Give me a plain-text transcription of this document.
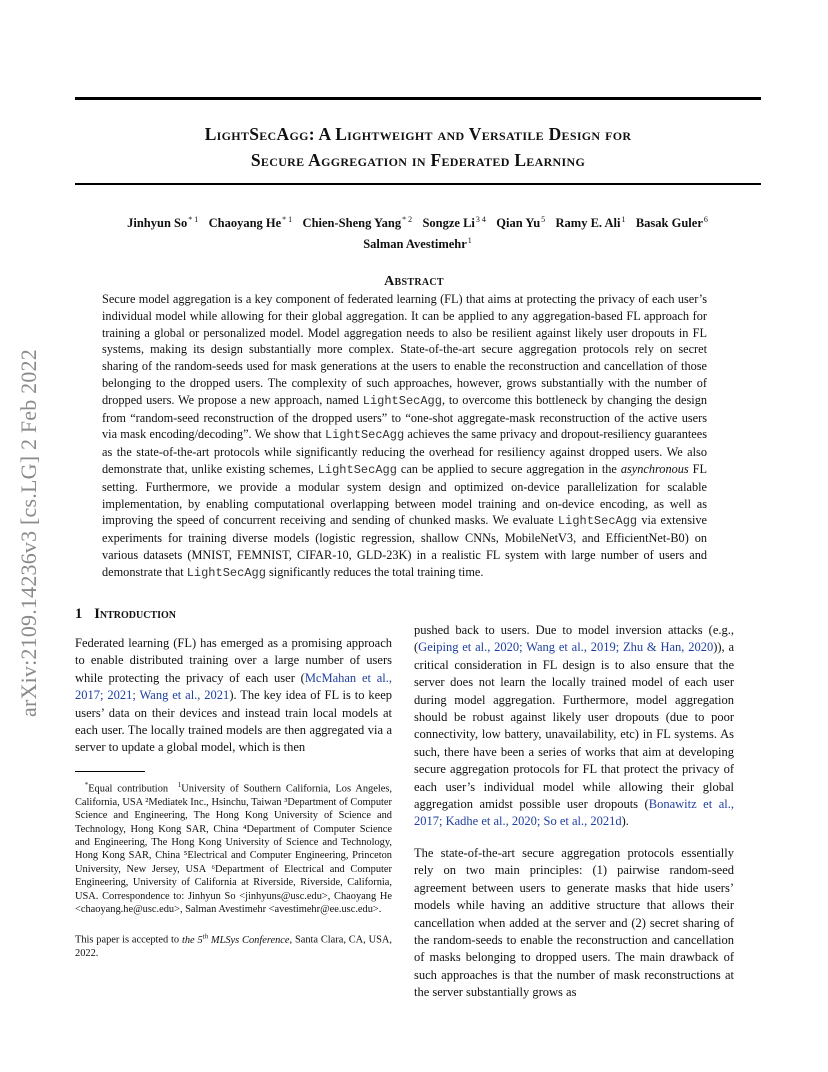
arXiv:2109.14236v3 [cs.LG] 2 Feb 2022
LightSecAgg: A Lightweight and Versatile Design for
Secure Aggregation in Federated Learning
Jinhyun So$^{* 1}$ Chaoyang He$^{* 1}$ Chien-Sheng Yang$^{* 2}$ Songze $Li^{3 4}$ Qian Yu$^5$ Ramy E. Ali$^1$ Basak Guler$^6$
Salman Avestimehr$^1$
Abstract
Secure model aggregation is a key component of federated learning (FL) that aims at protecting the privacy of each user’s individual model while allowing for their global aggregation. It can be applied to any aggregation-based FL approach for training a global or personalized model. Model aggregation needs to also be resilient against likely user dropouts in FL systems, making its design substantially more complex. State-of-the-art secure aggregation protocols rely on secret sharing of the random-seeds used for mask generations at the users to enable the reconstruction and cancellation of those belonging to the dropped users. The complexity of such approaches, however, grows substantially with the number of dropped users. We propose a new approach, named LightSecAgg, to overcome this bottleneck by changing the design from “random-seed reconstruction of the dropped users” to “one-shot aggregate-mask reconstruction of the active users via mask encoding/decoding”. We show that LightSecAgg achieves the same privacy and dropout-resiliency guarantees as the state-of-the-art protocols while significantly reducing the overhead for resiliency against dropped users. We also demonstrate that, unlike existing schemes, LightSecAgg can be applied to secure aggregation in the asynchronous FL setting. Furthermore, we provide a modular system design and optimized on-device parallelization for scalable implementation, by enabling computational overlapping between model training and on-device encoding, as well as improving the speed of concurrent receiving and sending of chunked masks. We evaluate LightSecAgg via extensive experiments for training diverse models (logistic regression, shallow CNNs, MobileNetV3, and EfficientNet-B0) on various datasets (MNIST, FEMNIST, CIFAR-10, GLD-23K) in a realistic FL system with large number of users and demonstrate that LightSecAgg significantly reduces the total training time.
1 Introduction

Federated learning (FL) has emerged as a promising approach to enable distributed training over a large number of users while protecting the privacy of each user (McMahan et al., 2017; 2021; Wang et al., 2021). The key idea of FL is to keep users’ data on their devices and instead train local models at each user. The locally trained models are then aggregated via a server to update a global model, which is then

*Equal contribution $^1$University of Southern California, Los Angeles, California, USA ²Mediatek Inc., Hsinchu, Taiwan ³Department of Computer Science and Engineering, The Hong Kong University of Science and Technology, Hong Kong SAR, China ⁴Department of Computer Science and Engineering, The Hong Kong University of Science and Technology, Hong Kong SAR, China ⁵Electrical and Computer Engineering, Princeton University, New Jersey, USA ⁶Department of Electrical and Computer Engineering, University of California at Riverside, Riverside, California, USA. Correspondence to: Jinhyun So <jinhyuns@usc.edu>, Chaoyang He <chaoyang.he@usc.edu>, Salman Avestimehr <avestimehr@ee.usc.edu>.

This paper is accepted to the 5th MLSys Conference, Santa Clara, CA, USA, 2022.

pushed back to users. Due to model inversion attacks (e.g., (Geiping et al., 2020; Wang et al., 2019; Zhu & Han, 2020)), a critical consideration in FL design is to also ensure that the server does not learn the locally trained model of each user during model aggregation. Furthermore, model aggregation should be robust against likely user dropouts (due to poor connectivity, low battery, unavailability, etc) in FL systems. As such, there have been a series of works that aim at developing secure aggregation protocols for FL that protect the privacy of each user’s individual model while allowing their global aggregation amidst possible user dropouts (Bonawitz et al., 2017; Kadhe et al., 2020; So et al., 2021d).

The state-of-the-art secure aggregation protocols essentially rely on two main principles: (1) pairwise random-seed agreement between users to generate masks that hide users’ models while having an additive structure that allows their cancellation when added at the server and (2) secret sharing of the random-seeds to enable the reconstruction and cancellation of masks belonging to dropped users. The main drawback of such approaches is that the number of mask reconstructions at the server substantially grows as
